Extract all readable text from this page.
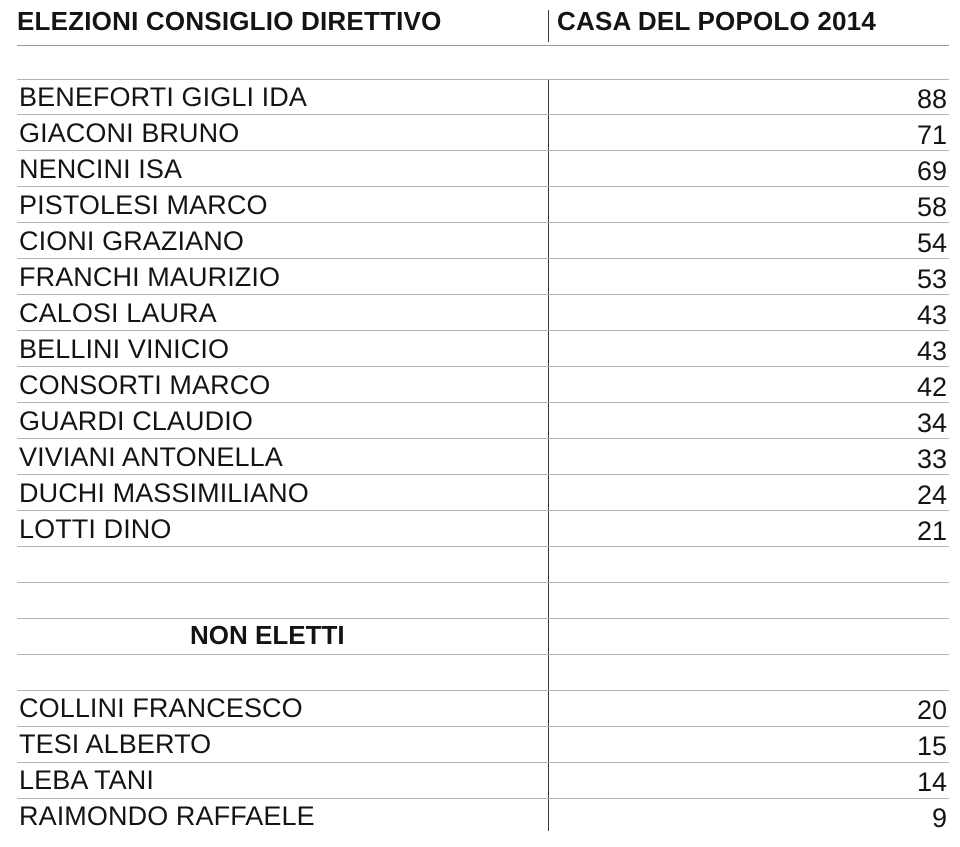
ELEZIONI CONSIGLIO DIRETTIVO	CASA DEL POPOLO 2014
BENEFORTI GIGLI IDA	88
GIACONI BRUNO	71
NENCINI ISA	69
PISTOLESI MARCO	58
CIONI GRAZIANO	54
FRANCHI MAURIZIO	53
CALOSI LAURA	43
BELLINI VINICIO	43
CONSORTI MARCO	42
GUARDI CLAUDIO	34
VIVIANI ANTONELLA	33
DUCHI MASSIMILIANO	24
LOTTI DINO	21
NON ELETTI
COLLINI FRANCESCO	20
TESI ALBERTO	15
LEBA TANI	14
RAIMONDO RAFFAELE	9
